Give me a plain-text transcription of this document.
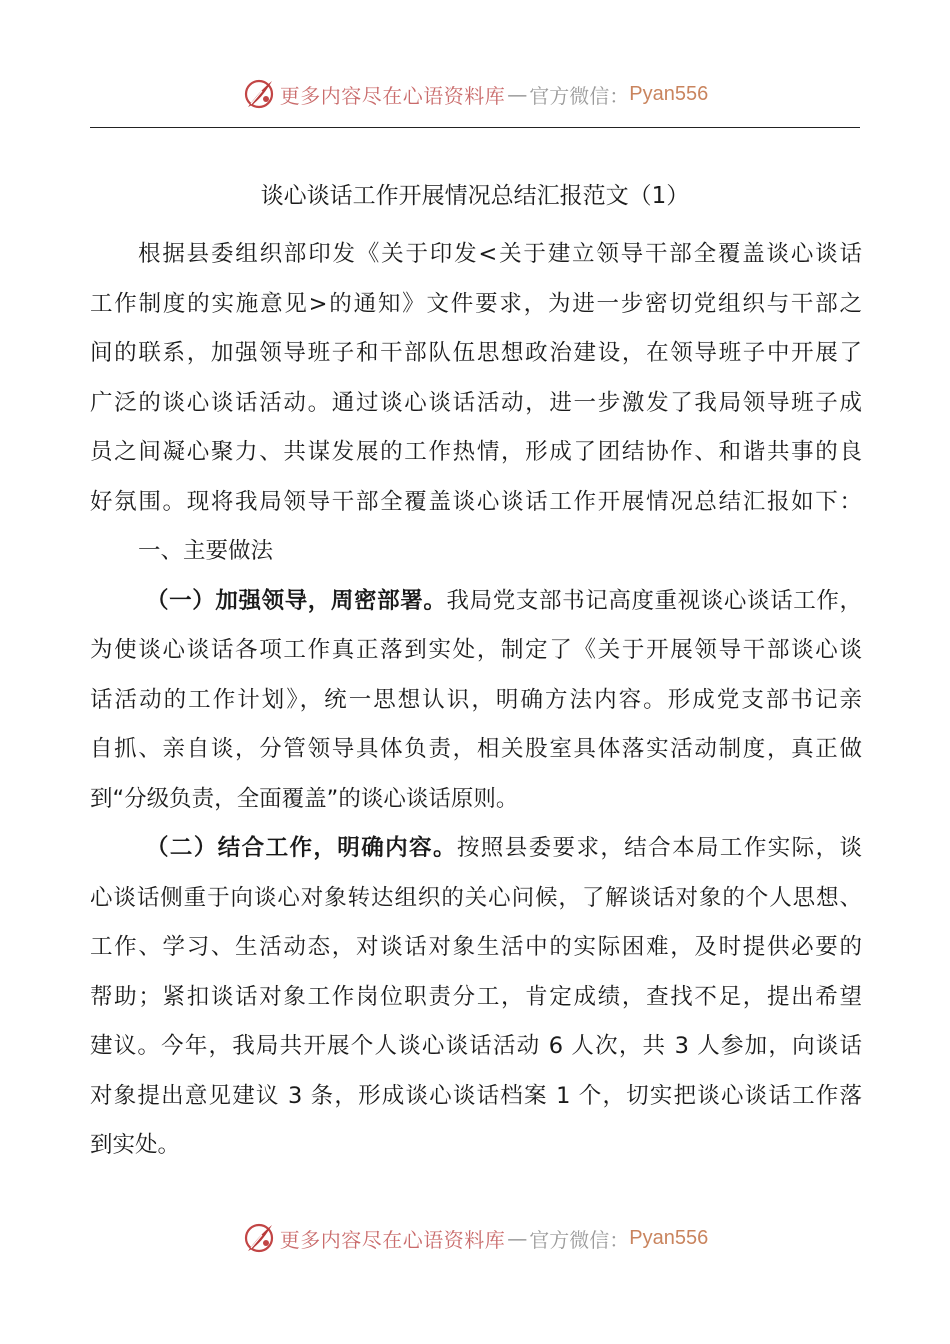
更多内容尽在心语资料库 — 官方微信： Pyan556
谈心谈话工作开展情况总结汇报范文（1）
根据县委组织部印发《关于印发<关于建立领导干部全覆盖谈心谈话
工作制度的实施意见>的通知》文件要求，为进一步密切党组织与干部之
间的联系，加强领导班子和干部队伍思想政治建设，在领导班子中开展了
广泛的谈心谈话活动。通过谈心谈话活动，进一步激发了我局领导班子成
员之间凝心聚力、共谋发展的工作热情，形成了团结协作、和谐共事的良
好氛围。现将我局领导干部全覆盖谈心谈话工作开展情况总结汇报如下：
一、主要做法
（一）加强领导，周密部署。我局党支部书记高度重视谈心谈话工作，
为使谈心谈话各项工作真正落到实处，制定了《关于开展领导干部谈心谈
话活动的工作计划》，统一思想认识，明确方法内容。形成党支部书记亲
自抓、亲自谈，分管领导具体负责，相关股室具体落实活动制度，真正做
到“分级负责，全面覆盖”的谈心谈话原则。
（二）结合工作，明确内容。按照县委要求，结合本局工作实际，谈
心谈话侧重于向谈心对象转达组织的关心问候，了解谈话对象的个人思想、
工作、学习、生活动态，对谈话对象生活中的实际困难，及时提供必要的
帮助；紧扣谈话对象工作岗位职责分工，肯定成绩，查找不足，提出希望
建议。今年，我局共开展个人谈心谈话活动 6 人次，共 3 人参加，向谈话
对象提出意见建议 3 条，形成谈心谈话档案 1 个，切实把谈心谈话工作落
到实处。
更多内容尽在心语资料库 — 官方微信： Pyan556
